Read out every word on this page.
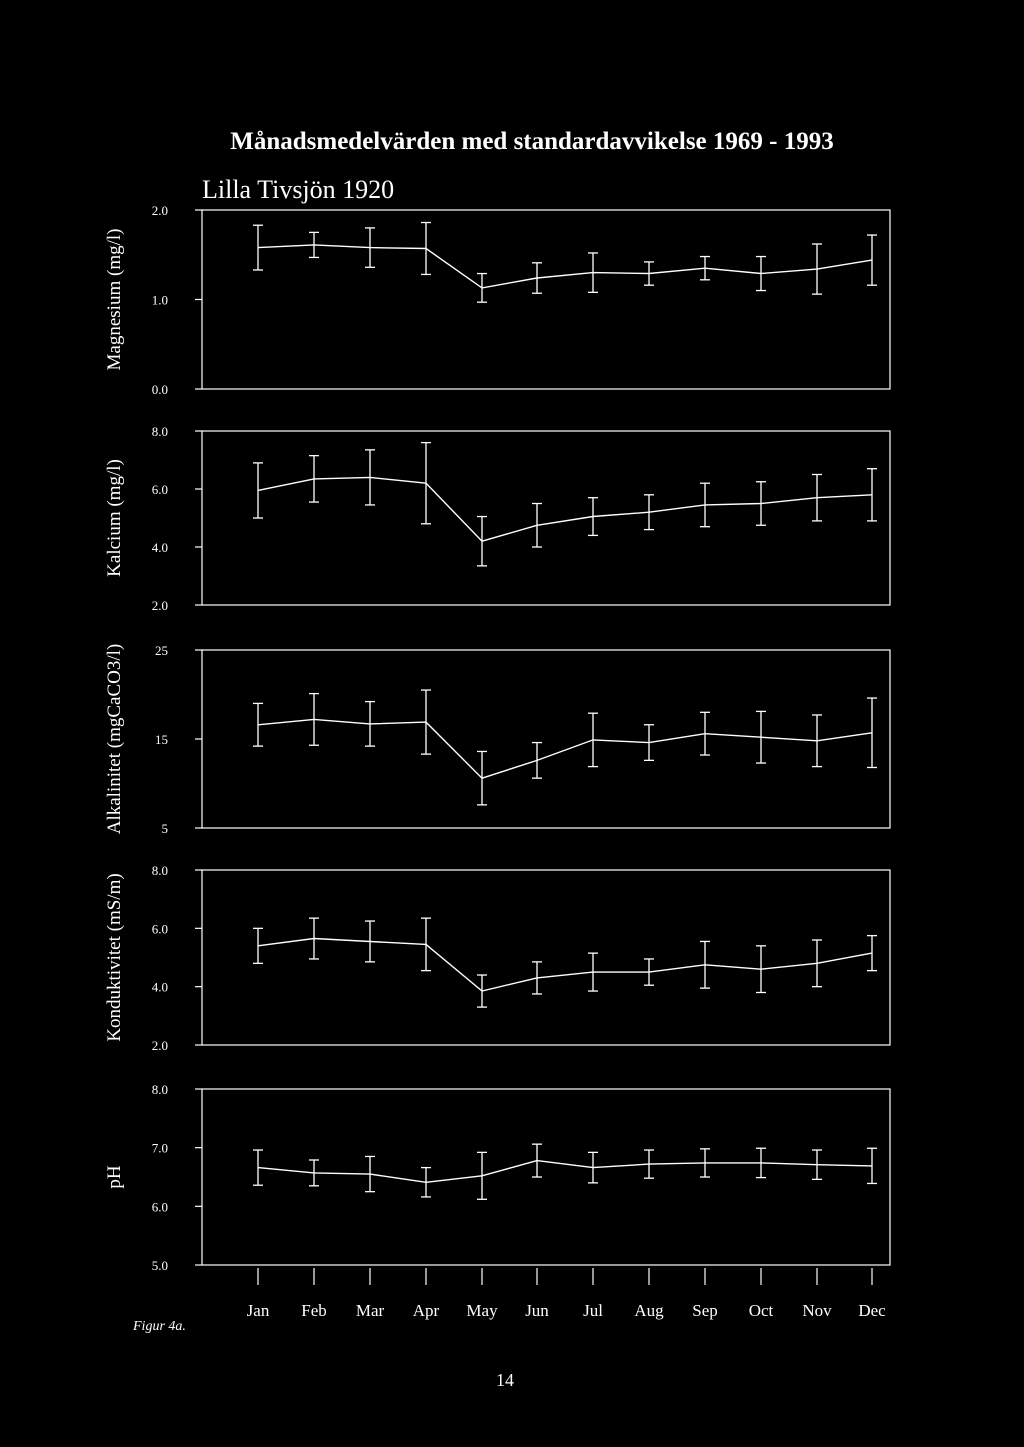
Månadsmedelvärden med standardavvikelse 1969 - 1993
Lilla Tivsjön 1920
2.0
1.0
0.0
Magnesium (mg/l)
8.0
6.0
4.0
2.0
Kalcium (mg/l)
25
15
5
Alkalinitet (mgCaCO3/l)
8.0
6.0
4.0
2.0
Konduktivitet (mS/m)
8.0
7.0
6.0
5.0
pH
Jan Feb Mar Apr May Jun Jul Aug Sep Oct Nov Dec
Figur 4a.
14
